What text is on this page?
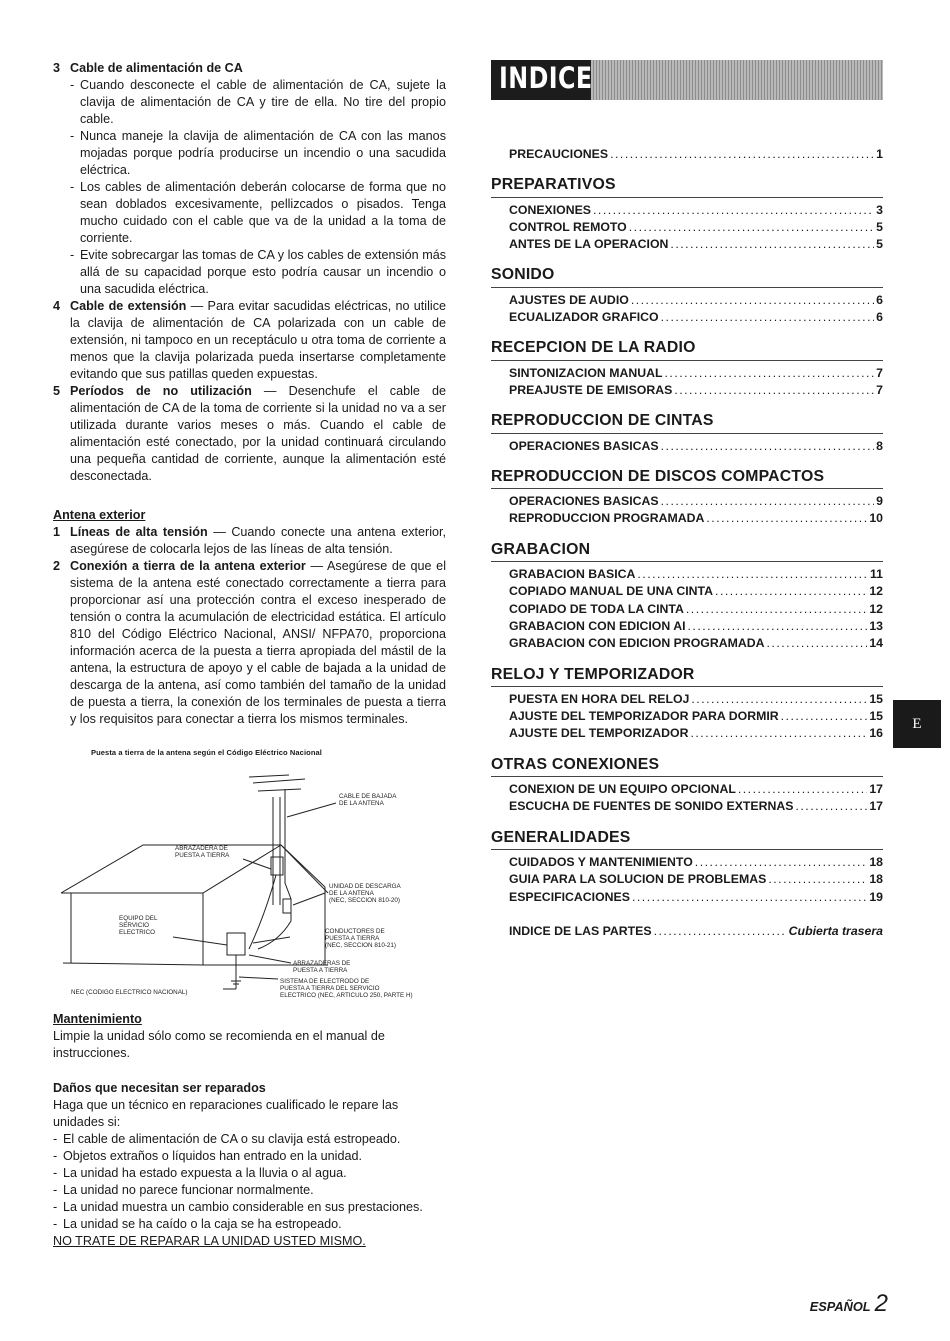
3 Cable de alimentación de CA

- Cuando desconecte el cable de alimentación de CA, sujete la clavija de alimentación de CA y tire de ella. No tire del propio cable.
- Nunca maneje la clavija de alimentación de CA con las manos mojadas porque podría producirse un incendio o una sacudida eléctrica.
- Los cables de alimentación deberán colocarse de forma que no sean doblados excesivamente, pellizcados o pisados. Tenga mucho cuidado con el cable que va de la unidad a la toma de corriente.
- Evite sobrecargar las tomas de CA y los cables de extensión más allá de su capacidad porque esto podría causar un incendio o una sacudida eléctrica.
4 Cable de extensión — Para evitar sacudidas eléctricas, no utilice la clavija de alimentación de CA polarizada con un cable de extensión, ni tampoco en un receptáculo u otra toma de corriente a menos que la clavija polarizada pueda insertarse completamente evitando que sus patillas queden expuestas.

5 Períodos de no utilización — Desenchufe el cable de alimentación de CA de la toma de corriente si la unidad no va a ser utilizada durante varios meses o más. Cuando el cable de alimentación esté conectado, por la unidad continuará circulando una pequeña cantidad de corriente, aunque la alimentación esté desconectada.

Antena exterior

1 Líneas de alta tensión — Cuando conecte una antena exterior, asegúrese de colocarla lejos de las líneas de alta tensión.

2 Conexión a tierra de la antena exterior — Asegúrese de que el sistema de la antena esté conectado correctamente a tierra para proporcionar así una protección contra el exceso inesperado de tensión o contra la acumulación de electricidad estática. El artículo 810 del Código Eléctrico Nacional, ANSI/ NFPA70, proporciona información acerca de la puesta a tierra apropiada del mástil de la antena, la estructura de apoyo y el cable de bajada a la unidad de descarga de la antena, así como también del tamaño de la unidad de puesta a tierra, la conexión de los terminales de puesta a tierra y los requisitos para conectar a tierra los mismos terminales.

Puesta a tierra de la antena según el Código Eléctrico Nacional

CABLE DE BAJADA
DE LA ANTENA
ABRAZADERA DE
PUESTA A TIERRA
UNIDAD DE DESCARGA
DE LA ANTENA
(NEC, SECCION 810-20)
EQUIPO DEL
SERVICIO
ELECTRICO	CONDUCTORES DE
PUESTA A TIERRA
(NEC, SECCION 810-21)
ABRAZADERAS DE
PUESTA A TIERRA
SISTEMA DE ELECTRODO DE
PUESTA A TIERRA DEL SERVICIO
ELECTRICO (NEC, ARTICULO 250, PARTE H)
NEC (CODIGO ELECTRICO NACIONAL)

Mantenimiento

Limpie la unidad sólo como se recomienda en el manual de instrucciones.

Daños que necesitan ser reparados

Haga que un técnico en reparaciones cualificado le repare las unidades si:

- El cable de alimentación de CA o su clavija está estropeado.
- Objetos extraños o líquidos han entrado en la unidad.
- La unidad ha estado expuesta a la lluvia o al agua.
- La unidad no parece funcionar normalmente.
- La unidad muestra un cambio considerable en sus prestaciones.
- La unidad se ha caído o la caja se ha estropeado.

NO TRATE DE REPARAR LA UNIDAD USTED MISMO.

INDICE
PRECAUCIONES .....	1
PREPARATIVOS
CONEXIONES .....	3
CONTROL REMOTO .....	5
ANTES DE LA OPERACION .....	5
SONIDO
AJUSTES DE AUDIO .....	6
ECUALIZADOR GRAFICO .....	6
RECEPCION DE LA RADIO
SINTONIZACION MANUAL .....	7
PREAJUSTE DE EMISORAS .....	7
REPRODUCCION DE CINTAS
OPERACIONES BASICAS .....	8
REPRODUCCION DE DISCOS COMPACTOS
OPERACIONES BASICAS .....	9
REPRODUCCION PROGRAMADA .....	10
GRABACION
GRABACION BASICA .....	11
COPIADO MANUAL DE UNA CINTA .....	12
COPIADO DE TODA LA CINTA .....	12
GRABACION CON EDICION AI .....	13
GRABACION CON EDICION PROGRAMADA .....	14
RELOJ Y TEMPORIZADOR
PUESTA EN HORA DEL RELOJ .....	15
AJUSTE DEL TEMPORIZADOR PARA DORMIR .....	15
AJUSTE DEL TEMPORIZADOR .....	16
OTRAS CONEXIONES
CONEXION DE UN EQUIPO OPCIONAL .....	17
ESCUCHA DE FUENTES DE SONIDO EXTERNAS .....	17
GENERALIDADES
CUIDADOS Y MANTENIMIENTO .....	18
GUIA PARA LA SOLUCION DE PROBLEMAS .....	18
ESPECIFICACIONES .....	19
INDICE DE LAS PARTES .....	Cubierta trasera
E
ESPAÑOL 2
